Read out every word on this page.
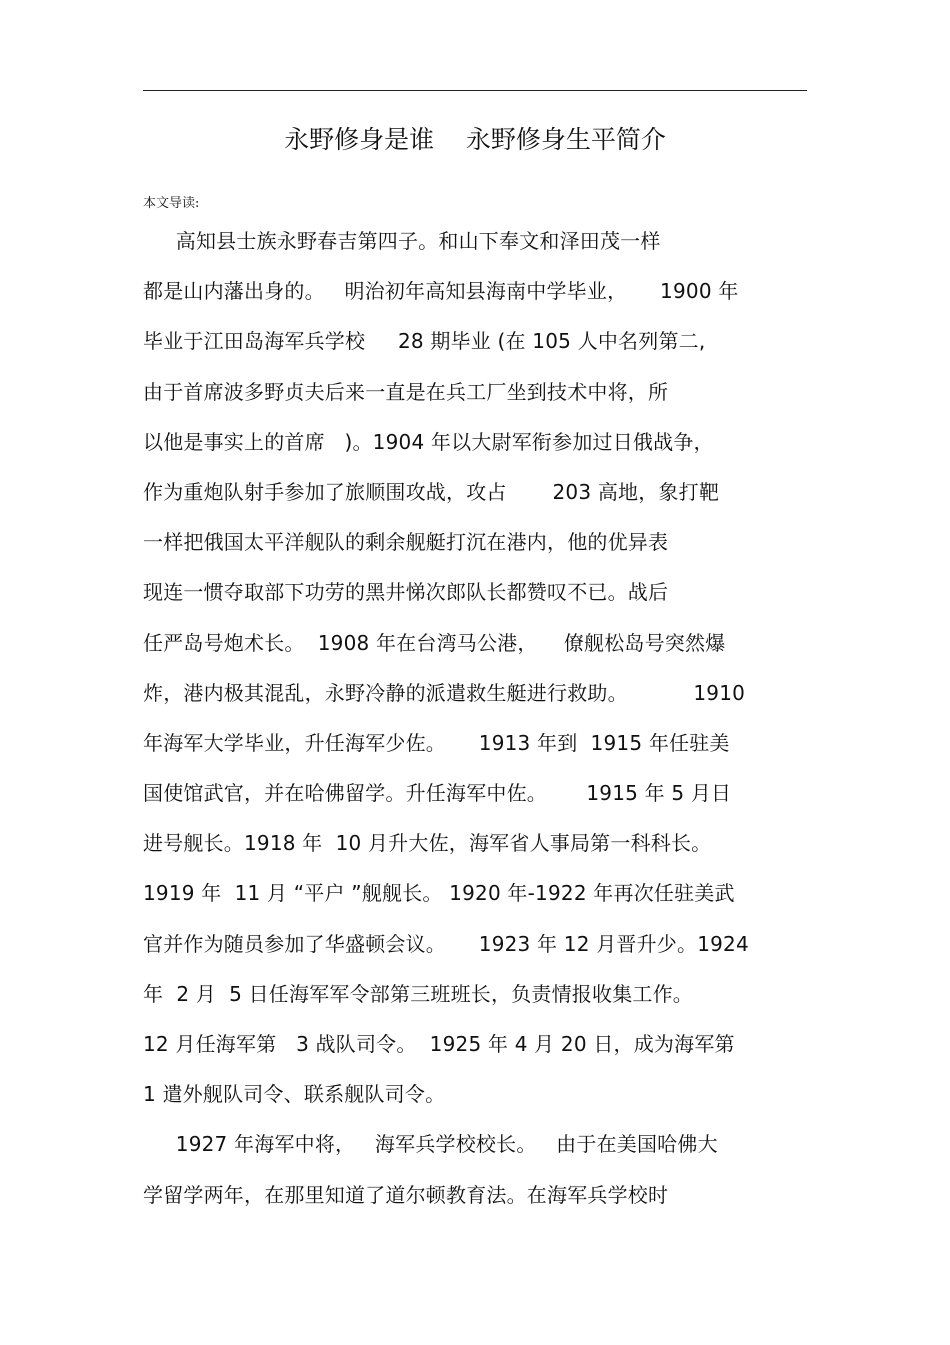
永野修身是谁    永野修身生平简介
本文导读:
高知县士族永野春吉第四子。和山下奉文和泽田茂一样
都是山内藩出身的。   明治初年高知县海南中学毕业，     1900 年
毕业于江田岛海军兵学校     28 期毕业 (在 105 人中名列第二,
由于首席波多野贞夫后来一直是在兵工厂坐到技术中将，所
以他是事实上的首席   )。1904 年以大尉军衔参加过日俄战争，
作为重炮队射手参加了旅顺围攻战，攻占       203 高地，象打靶
一样把俄国太平洋舰队的剩余舰艇打沉在港内，他的优异表
现连一惯夺取部下功劳的黑井悌次郎队长都赞叹不已。战后
任严岛号炮术长。  1908 年在台湾马公港，    僚舰松岛号突然爆
炸，港内极其混乱，永野冷静的派遣救生艇进行救助。          1910
年海军大学毕业，升任海军少佐。     1913 年到  1915 年任驻美
国使馆武官，并在哈佛留学。升任海军中佐。      1915 年 5 月日
进号舰长。1918 年  10 月升大佐，海军省人事局第一科科长。
1919 年  11 月 “平户 ”舰舰长。 1920 年-1922 年再次任驻美武
官并作为随员参加了华盛顿会议。     1923 年 12 月晋升少。1924
年  2 月  5 日任海军军令部第三班班长，负责情报收集工作。
12 月任海军第   3 战队司令。  1925 年 4 月 20 日，成为海军第
1 遣外舰队司令、联系舰队司令。
1927 年海军中将，   海军兵学校校长。   由于在美国哈佛大
学留学两年，在那里知道了道尔顿教育法。在海军兵学校时
